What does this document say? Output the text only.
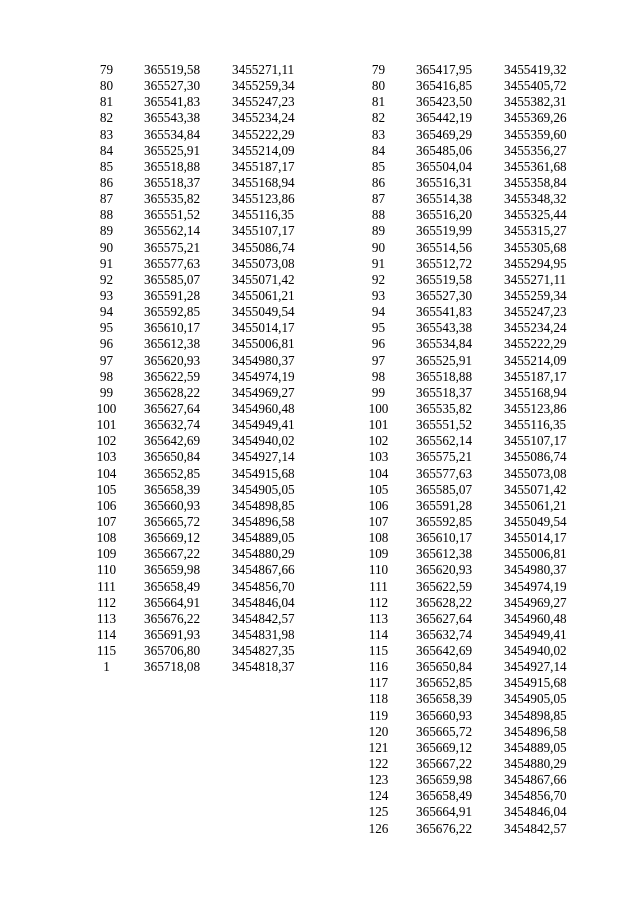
79	365519,58	3455271,11
80	365527,30	3455259,34
81	365541,83	3455247,23
82	365543,38	3455234,24
83	365534,84	3455222,29
84	365525,91	3455214,09
85	365518,88	3455187,17
86	365518,37	3455168,94
87	365535,82	3455123,86
88	365551,52	3455116,35
89	365562,14	3455107,17
90	365575,21	3455086,74
91	365577,63	3455073,08
92	365585,07	3455071,42
93	365591,28	3455061,21
94	365592,85	3455049,54
95	365610,17	3455014,17
96	365612,38	3455006,81
97	365620,93	3454980,37
98	365622,59	3454974,19
99	365628,22	3454969,27
100	365627,64	3454960,48
101	365632,74	3454949,41
102	365642,69	3454940,02
103	365650,84	3454927,14
104	365652,85	3454915,68
105	365658,39	3454905,05
106	365660,93	3454898,85
107	365665,72	3454896,58
108	365669,12	3454889,05
109	365667,22	3454880,29
110	365659,98	3454867,66
111	365658,49	3454856,70
112	365664,91	3454846,04
113	365676,22	3454842,57
114	365691,93	3454831,98
115	365706,80	3454827,35
1	365718,08	3454818,37
79	365417,95	3455419,32
80	365416,85	3455405,72
81	365423,50	3455382,31
82	365442,19	3455369,26
83	365469,29	3455359,60
84	365485,06	3455356,27
85	365504,04	3455361,68
86	365516,31	3455358,84
87	365514,38	3455348,32
88	365516,20	3455325,44
89	365519,99	3455315,27
90	365514,56	3455305,68
91	365512,72	3455294,95
92	365519,58	3455271,11
93	365527,30	3455259,34
94	365541,83	3455247,23
95	365543,38	3455234,24
96	365534,84	3455222,29
97	365525,91	3455214,09
98	365518,88	3455187,17
99	365518,37	3455168,94
100	365535,82	3455123,86
101	365551,52	3455116,35
102	365562,14	3455107,17
103	365575,21	3455086,74
104	365577,63	3455073,08
105	365585,07	3455071,42
106	365591,28	3455061,21
107	365592,85	3455049,54
108	365610,17	3455014,17
109	365612,38	3455006,81
110	365620,93	3454980,37
111	365622,59	3454974,19
112	365628,22	3454969,27
113	365627,64	3454960,48
114	365632,74	3454949,41
115	365642,69	3454940,02
116	365650,84	3454927,14
117	365652,85	3454915,68
118	365658,39	3454905,05
119	365660,93	3454898,85
120	365665,72	3454896,58
121	365669,12	3454889,05
122	365667,22	3454880,29
123	365659,98	3454867,66
124	365658,49	3454856,70
125	365664,91	3454846,04
126	365676,22	3454842,57
